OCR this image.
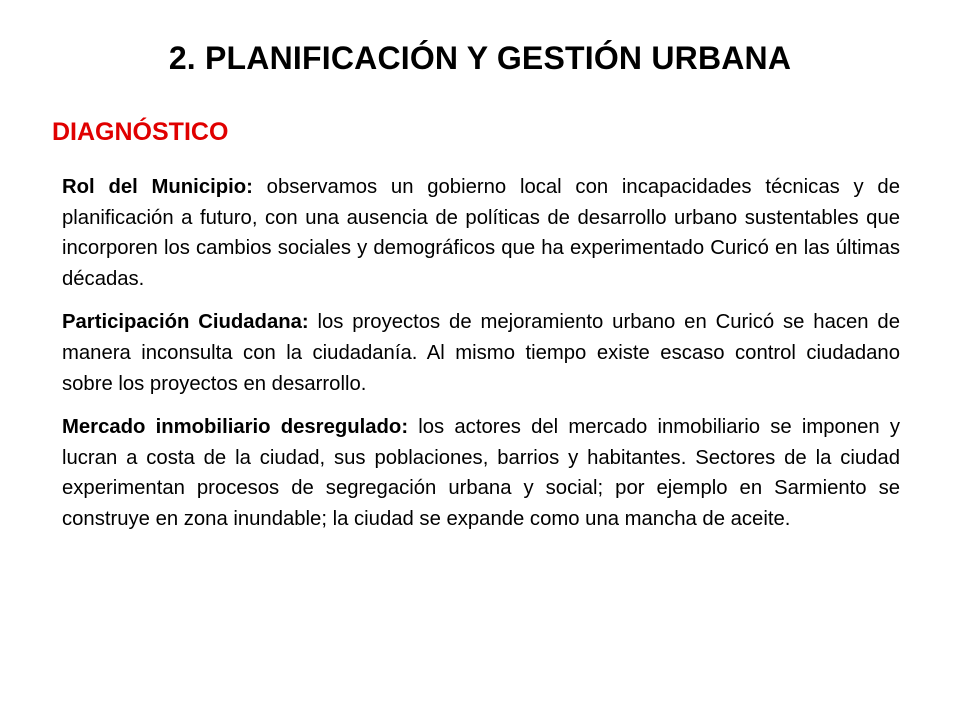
2. PLANIFICACIÓN Y GESTIÓN URBANA
DIAGNÓSTICO

Rol del Municipio: observamos un gobierno local con incapacidades técnicas y de planificación a futuro, con una ausencia de políticas de desarrollo urbano sustentables que incorporen los cambios sociales y demográficos que ha experimentado Curicó en las últimas décadas.

Participación Ciudadana: los proyectos de mejoramiento urbano en Curicó se hacen de manera inconsulta con la ciudadanía. Al mismo tiempo existe escaso control ciudadano sobre los proyectos en desarrollo.

Mercado inmobiliario desregulado: los actores del mercado inmobiliario se imponen y lucran a costa de la ciudad, sus poblaciones, barrios y habitantes. Sectores de la ciudad experimentan procesos de segregación urbana y social; por ejemplo en Sarmiento se construye en zona inundable; la ciudad se expande como una mancha de aceite.
